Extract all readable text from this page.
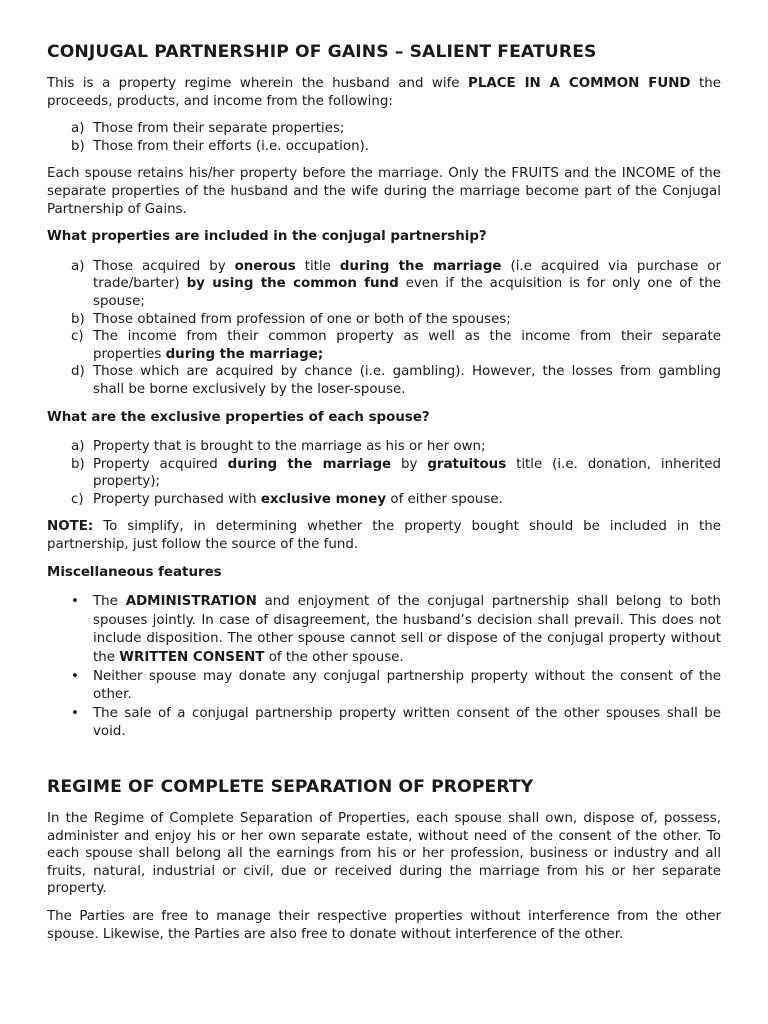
CONJUGAL PARTNERSHIP OF GAINS – SALIENT FEATURES

This is a property regime wherein the husband and wife PLACE IN A COMMON FUND the proceeds, products, and income from the following:

a) Those from their separate properties;
b) Those from their efforts (i.e. occupation).

Each spouse retains his/her property before the marriage. Only the FRUITS and the INCOME of the separate properties of the husband and the wife during the marriage become part of the Conjugal Partnership of Gains.

What properties are included in the conjugal partnership?

a) Those acquired by onerous title during the marriage (i.e acquired via purchase or trade/barter) by using the common fund even if the acquisition is for only one of the spouse;
b) Those obtained from profession of one or both of the spouses;
c) The income from their common property as well as the income from their separate properties during the marriage;
d) Those which are acquired by chance (i.e. gambling). However, the losses from gambling shall be borne exclusively by the loser-spouse.

What are the exclusive properties of each spouse?

a) Property that is brought to the marriage as his or her own;
b) Property acquired during the marriage by gratuitous title (i.e. donation, inherited property);
c) Property purchased with exclusive money of either spouse.

NOTE: To simplify, in determining whether the property bought should be included in the partnership, just follow the source of the fund.

Miscellaneous features

• The ADMINISTRATION and enjoyment of the conjugal partnership shall belong to both spouses jointly. In case of disagreement, the husband’s decision shall prevail. This does not include disposition. The other spouse cannot sell or dispose of the conjugal property without the WRITTEN CONSENT of the other spouse.
• Neither spouse may donate any conjugal partnership property without the consent of the other.
• The sale of a conjugal partnership property written consent of the other spouses shall be void.
REGIME OF COMPLETE SEPARATION OF PROPERTY

In the Regime of Complete Separation of Properties, each spouse shall own, dispose of, possess, administer and enjoy his or her own separate estate, without need of the consent of the other. To each spouse shall belong all the earnings from his or her profession, business or industry and all fruits, natural, industrial or civil, due or received during the marriage from his or her separate property.

The Parties are free to manage their respective properties without interference from the other spouse. Likewise, the Parties are also free to donate without interference of the other.
